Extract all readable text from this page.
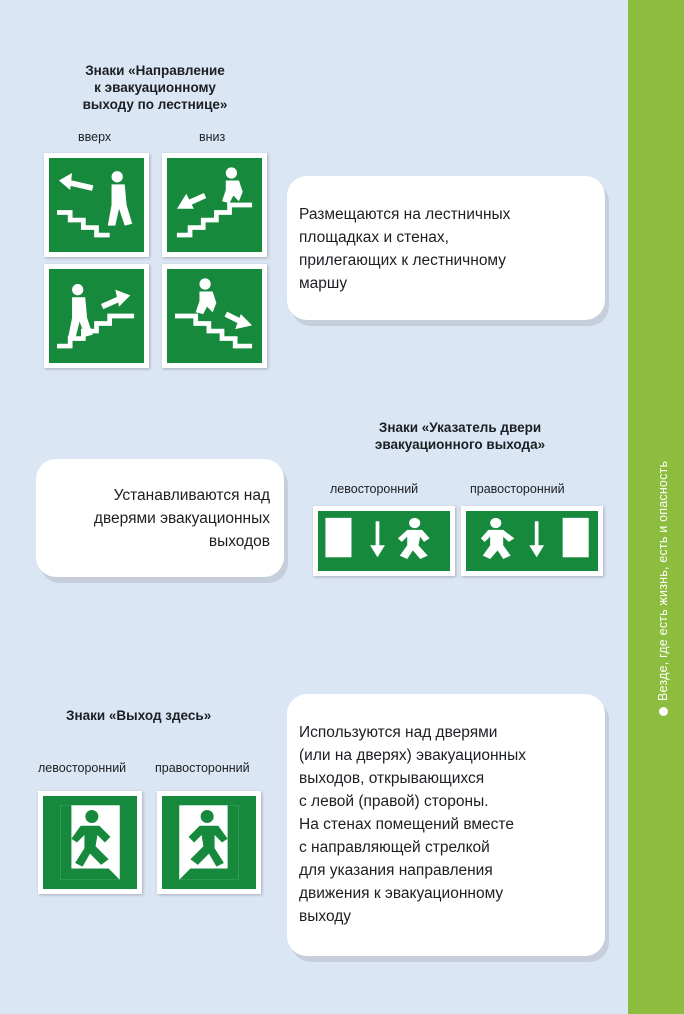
Везде, где есть жизнь, есть и опасность
Знаки «Направление
к эвакуационному
выходу по лестнице»
вверх	вниз
Размещаются на лестничных
площадках и стенах,
прилегающих к лестничному
маршу
Знаки «Указатель двери
эвакуационного выхода»
левосторонний	правосторонний
Устанавливаются над
дверями эвакуационных
выходов
Знаки «Выход здесь»
левосторонний правосторонний
Используются над дверями
(или на дверях) эвакуационных
выходов, открывающихся
с левой (правой) стороны.
На стенах помещений вместе
с направляющей стрелкой
для указания направления
движения к эвакуационному
выходу
